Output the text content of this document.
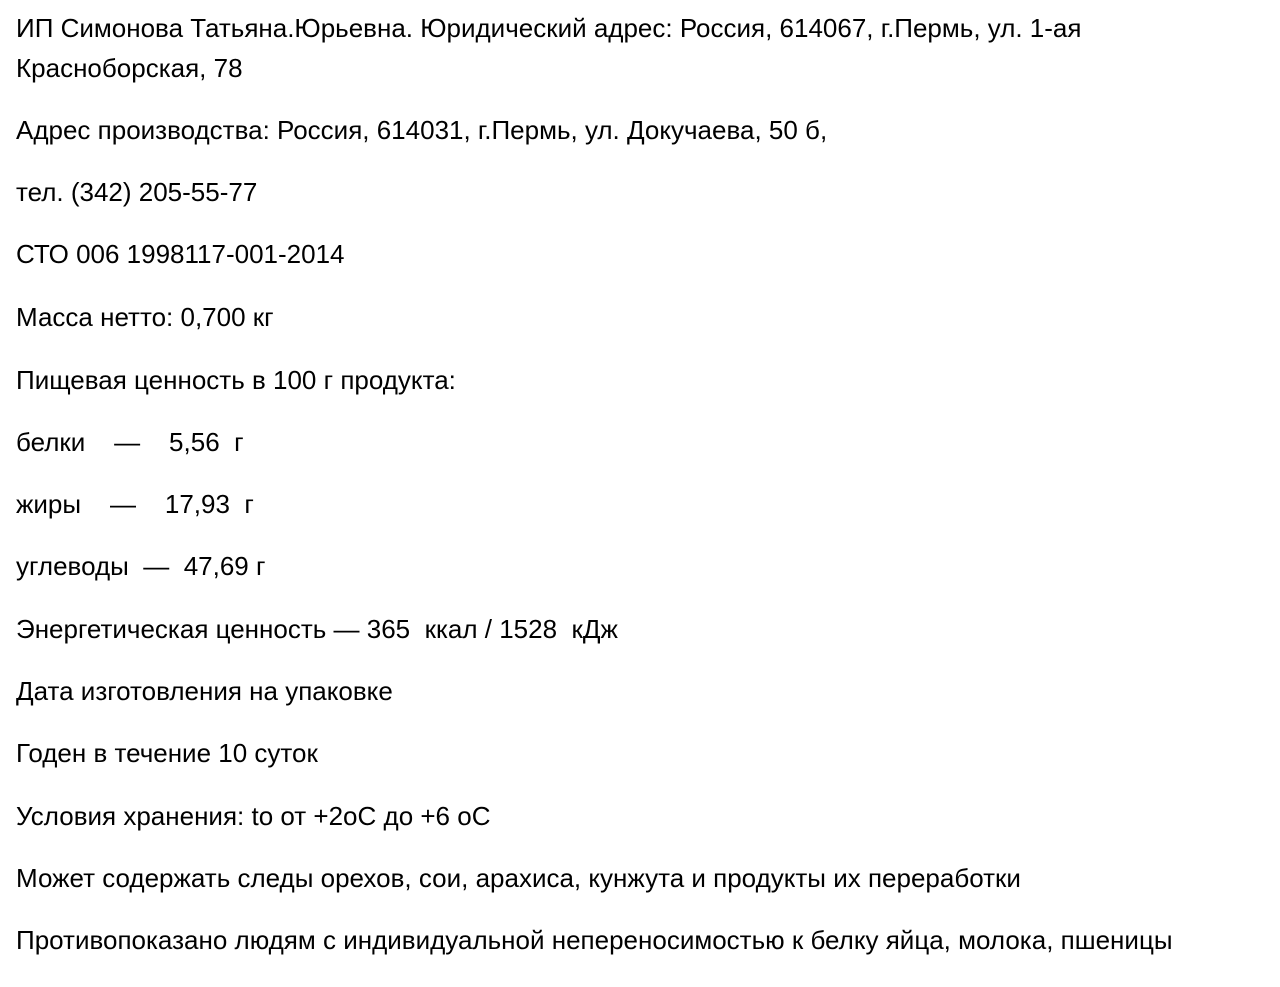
ИП Симонова Татьяна.Юрьевна. Юридический адрес: Россия, 614067, г.Пермь, ул. 1-ая

Красноборская, 78

Адрес производства: Россия, 614031, г.Пермь, ул. Докучаева, 50 б,

тел. (342) 205-55-77

СТО 006 1998117-001-2014

Масса нетто: 0,700 кг

Пищевая ценность в 100 г продукта:

белки    —    5,56  г

жиры    —    17,93  г

углеводы  —  47,69 г

Энергетическая ценность — 365  ккал / 1528  кДж

Дата изготовления на упаковке

Годен в течение 10 суток

Условия хранения: to от +2oC до +6 oC

Может содержать следы орехов, сои, арахиса, кунжута и продукты их переработки

Противопоказано людям с индивидуальной непереносимостью к белку яйца, молока, пшеницы
